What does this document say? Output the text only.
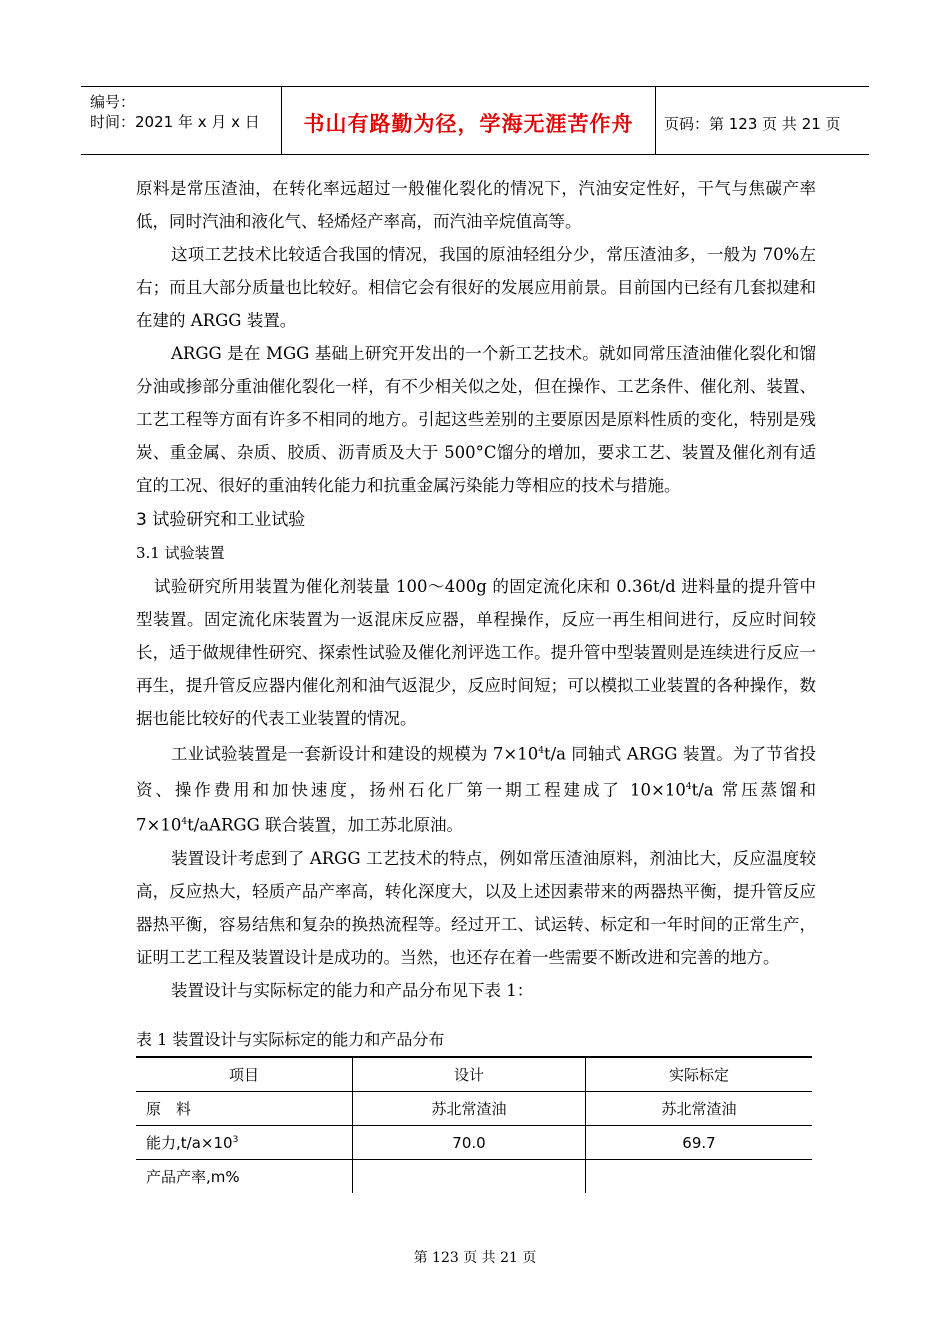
编号：
时间：2021 年 x 月 x 日	书山有路勤为径，学海无涯苦作舟	页码：第 123 页 共 21 页

原料是常压渣油，在转化率远超过一般催化裂化的情况下，汽油安定性好，干气与焦碳产率低，同时汽油和液化气、轻烯烃产率高，而汽油辛烷值高等。

这项工艺技术比较适合我国的情况，我国的原油轻组分少，常压渣油多，一般为 70%左右；而且大部分质量也比较好。相信它会有很好的发展应用前景。目前国内已经有几套拟建和在建的 ARGG 装置。

ARGG 是在 MGG 基础上研究开发出的一个新工艺技术。就如同常压渣油催化裂化和馏分油或掺部分重油催化裂化一样，有不少相关似之处，但在操作、工艺条件、催化剂、装置、工艺工程等方面有许多不相同的地方。引起这些差别的主要原因是原料性质的变化，特别是残炭、重金属、杂质、胶质、沥青质及大于 500°C馏分的增加，要求工艺、装置及催化剂有适宜的工况、很好的重油转化能力和抗重金属污染能力等相应的技术与措施。

3 试验研究和工业试验

3.1 试验装置

试验研究所用装置为催化剂装量 100～400g 的固定流化床和 0.36t/d 进料量的提升管中型装置。固定流化床装置为一返混床反应器，单程操作，反应一再生相间进行，反应时间较长，适于做规律性研究、探索性试验及催化剂评选工作。提升管中型装置则是连续进行反应一再生，提升管反应器内催化剂和油气返混少，反应时间短；可以模拟工业装置的各种操作，数据也能比较好的代表工业装置的情况。

工业试验装置是一套新设计和建设的规模为 $7\times 10^4t/a$ 同轴式 ARGG 装置。为了节省投资、操作费用和加快速度，扬州石化厂第一期工程建成了 $10\times 10^4t/a$ 常压蒸馏和 $7\times 10^4t$/aARGG 联合装置，加工苏北原油。

装置设计考虑到了 ARGG 工艺技术的特点，例如常压渣油原料，剂油比大，反应温度较高，反应热大，轻质产品产率高，转化深度大，以及上述因素带来的两器热平衡，提升管反应器热平衡，容易结焦和复杂的换热流程等。经过开工、试运转、标定和一年时间的正常生产，证明工艺工程及装置设计是成功的。当然，也还存在着一些需要不断改进和完善的地方。

装置设计与实际标定的能力和产品分布见下表 1：

表 1 装置设计与实际标定的能力和产品分布

项目	设计	实际标定
原　料	苏北常渣油	苏北常渣油
能力$,t/a\times 10^3$	70.0	69.7
产品产率,m%		
第 123 页 共 21 页
